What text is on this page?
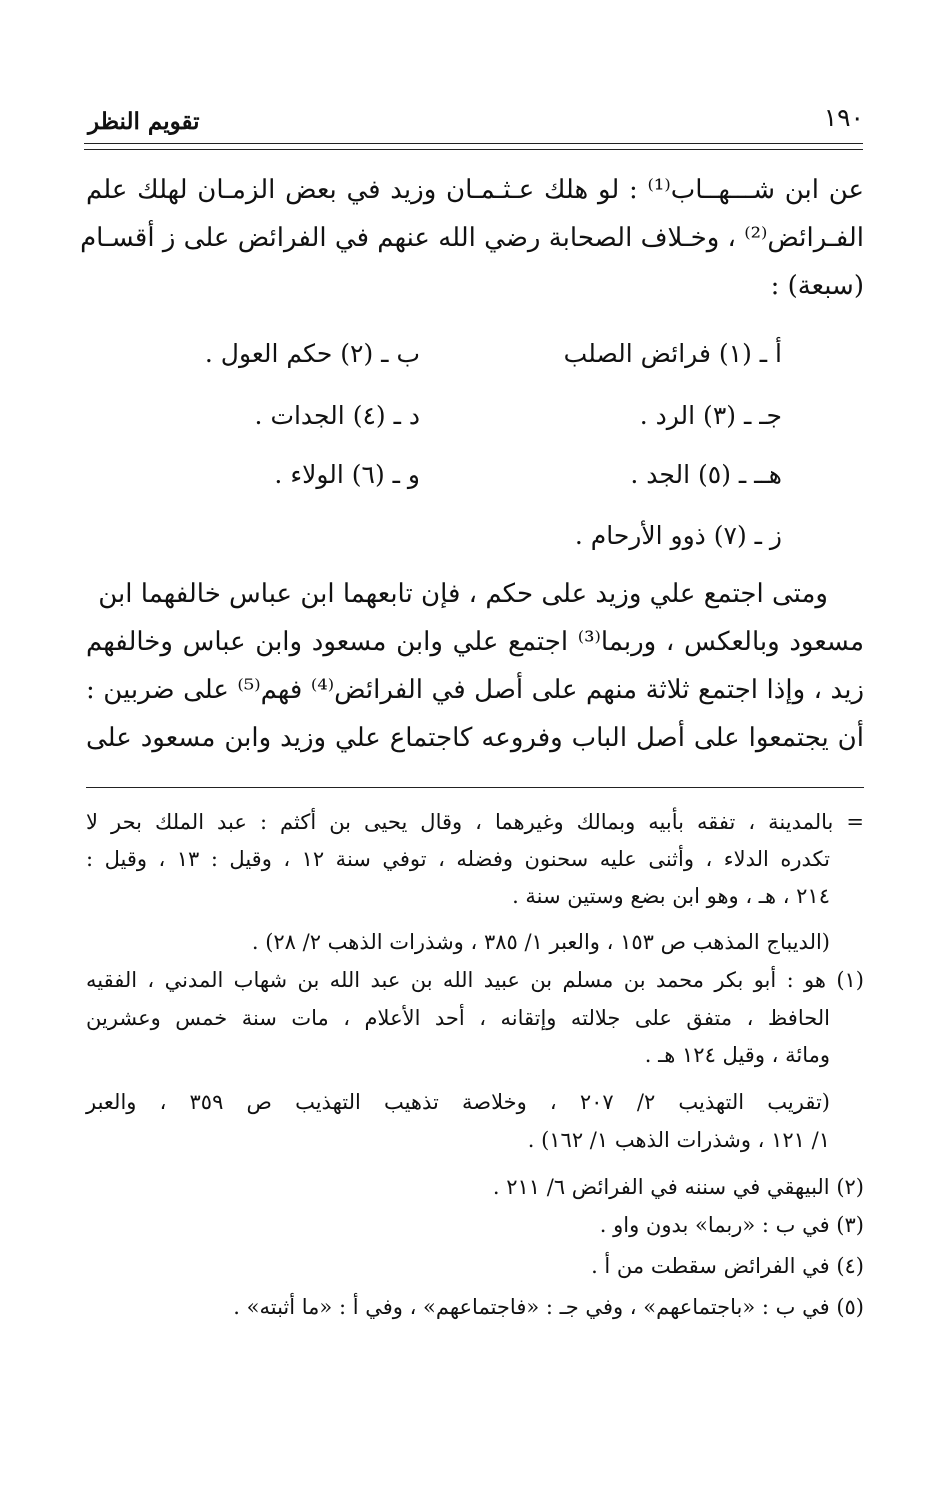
١٩٠
تقويم النظر
عن ابن شـــهــاب⁽¹⁾ : لو هلك عـثـمـان وزيد في بعض الزمـان لهلك علم
الفـرائض⁽²⁾ ، وخـلاف الصحابة رضي الله عنهم في الفرائض على ز أقسـام
(سبعة) :
أ ـ (١) فرائض الصلب
ب ـ (٢) حكم العول .
جـ ـ (٣) الرد .
د ـ (٤) الجدات .
هــ ـ (٥) الجد .
و ـ (٦) الولاء .
ز ـ (٧) ذوو الأرحام .
ومتى اجتمع علي وزيد على حكم ، فإن تابعهما ابن عباس خالفهما ابن
مسعود وبالعكس ، وربما⁽³⁾ اجتمع علي وابن مسعود وابن عباس وخالفهم
زيد ، وإذا اجتمع ثلاثة منهم على أصل في الفرائض⁽⁴⁾ فهم⁽⁵⁾ على ضربين :
أن يجتمعوا على أصل الباب وفروعه كاجتماع علي وزيد وابن مسعود على
= بالمدينة ، تفقه بأبيه وبمالك وغيرهما ، وقال يحيى بن أكثم : عبد الملك بحر لا
تكدره الدلاء ، وأثنى عليه سحنون وفضله ، توفي سنة ١٢ ، وقيل : ١٣ ، وقيل :
٢١٤ ، هـ ، وهو ابن بضع وستين سنة .
(الديباج المذهب ص ١٥٣ ، والعبر ١/ ٣٨٥ ، وشذرات الذهب ٢/ ٢٨) .
(١) هو : أبو بكر محمد بن مسلم بن عبيد الله بن عبد الله بن شهاب المدني ، الفقيه
الحافظ ، متفق على جلالته وإتقانه ، أحد الأعلام ، مات سنة خمس وعشرين
ومائة ، وقيل ١٢٤ هـ .
(تقريب التهذيب ٢/ ٢٠٧ ، وخلاصة تذهيب التهذيب ص ٣٥٩ ، والعبر
١/ ١٢١ ، وشذرات الذهب ١/ ١٦٢) .
(٢) البيهقي في سننه في الفرائض ٦/ ٢١١ .
(٣) في ب : «ربما» بدون واو .
(٤) في الفرائض سقطت من أ .
(٥) في ب : «باجتماعهم» ، وفي جـ : «فاجتماعهم» ، وفي أ : «ما أثبته» .
